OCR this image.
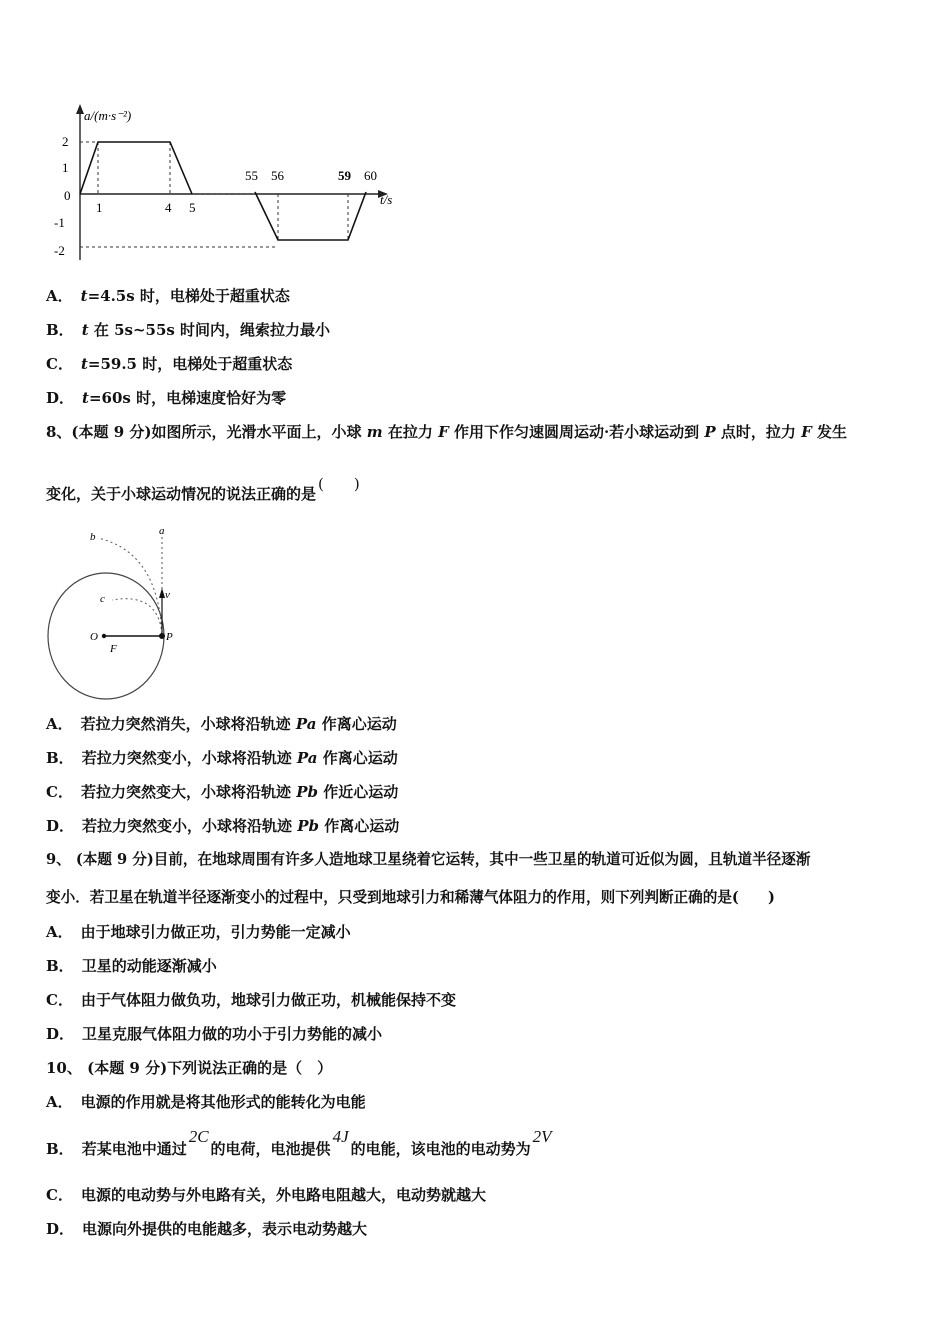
a/(m·s⁻²)
t/s
2
1
0
-1
-2
1	4 5
55 56	59 60
A． t=4.5s 时，电梯处于超重状态
B． t 在 5s~55s 时间内，绳索拉力最小
C． t=59.5 时，电梯处于超重状态
D． t=60s 时，电梯速度恰好为零
8、(本题 9 分)如图所示，光滑水平面上，小球 m 在拉力 F 作用下作匀速圆周运动·若小球运动到 P 点时，拉力 F 发生
变化，关于小球运动情况的说法正确的是(　　)
b	a
c	v
O	P
F
A． 若拉力突然消失，小球将沿轨迹 Pa 作离心运动
B． 若拉力突然变小，小球将沿轨迹 Pa 作离心运动
C． 若拉力突然变大，小球将沿轨迹 Pb 作近心运动
D． 若拉力突然变小，小球将沿轨迹 Pb 作离心运动
9、 (本题 9 分)目前，在地球周围有许多人造地球卫星绕着它运转，其中一些卫星的轨道可近似为圆，且轨道半径逐渐
变小．若卫星在轨道半径逐渐变小的过程中，只受到地球引力和稀薄气体阻力的作用，则下列判断正确的是(　　)
A． 由于地球引力做正功，引力势能一定减小
B． 卫星的动能逐渐减小
C． 由于气体阻力做负功，地球引力做正功，机械能保持不变
D． 卫星克服气体阻力做的功小于引力势能的减小
10、 (本题 9 分)下列说法正确的是（　）
A． 电源的作用就是将其他形式的能转化为电能
B． 若某电池中通过2C的电荷，电池提供4J的电能，该电池的电动势为2V
C． 电源的电动势与外电路有关，外电路电阻越大，电动势就越大
D． 电源向外提供的电能越多，表示电动势越大
